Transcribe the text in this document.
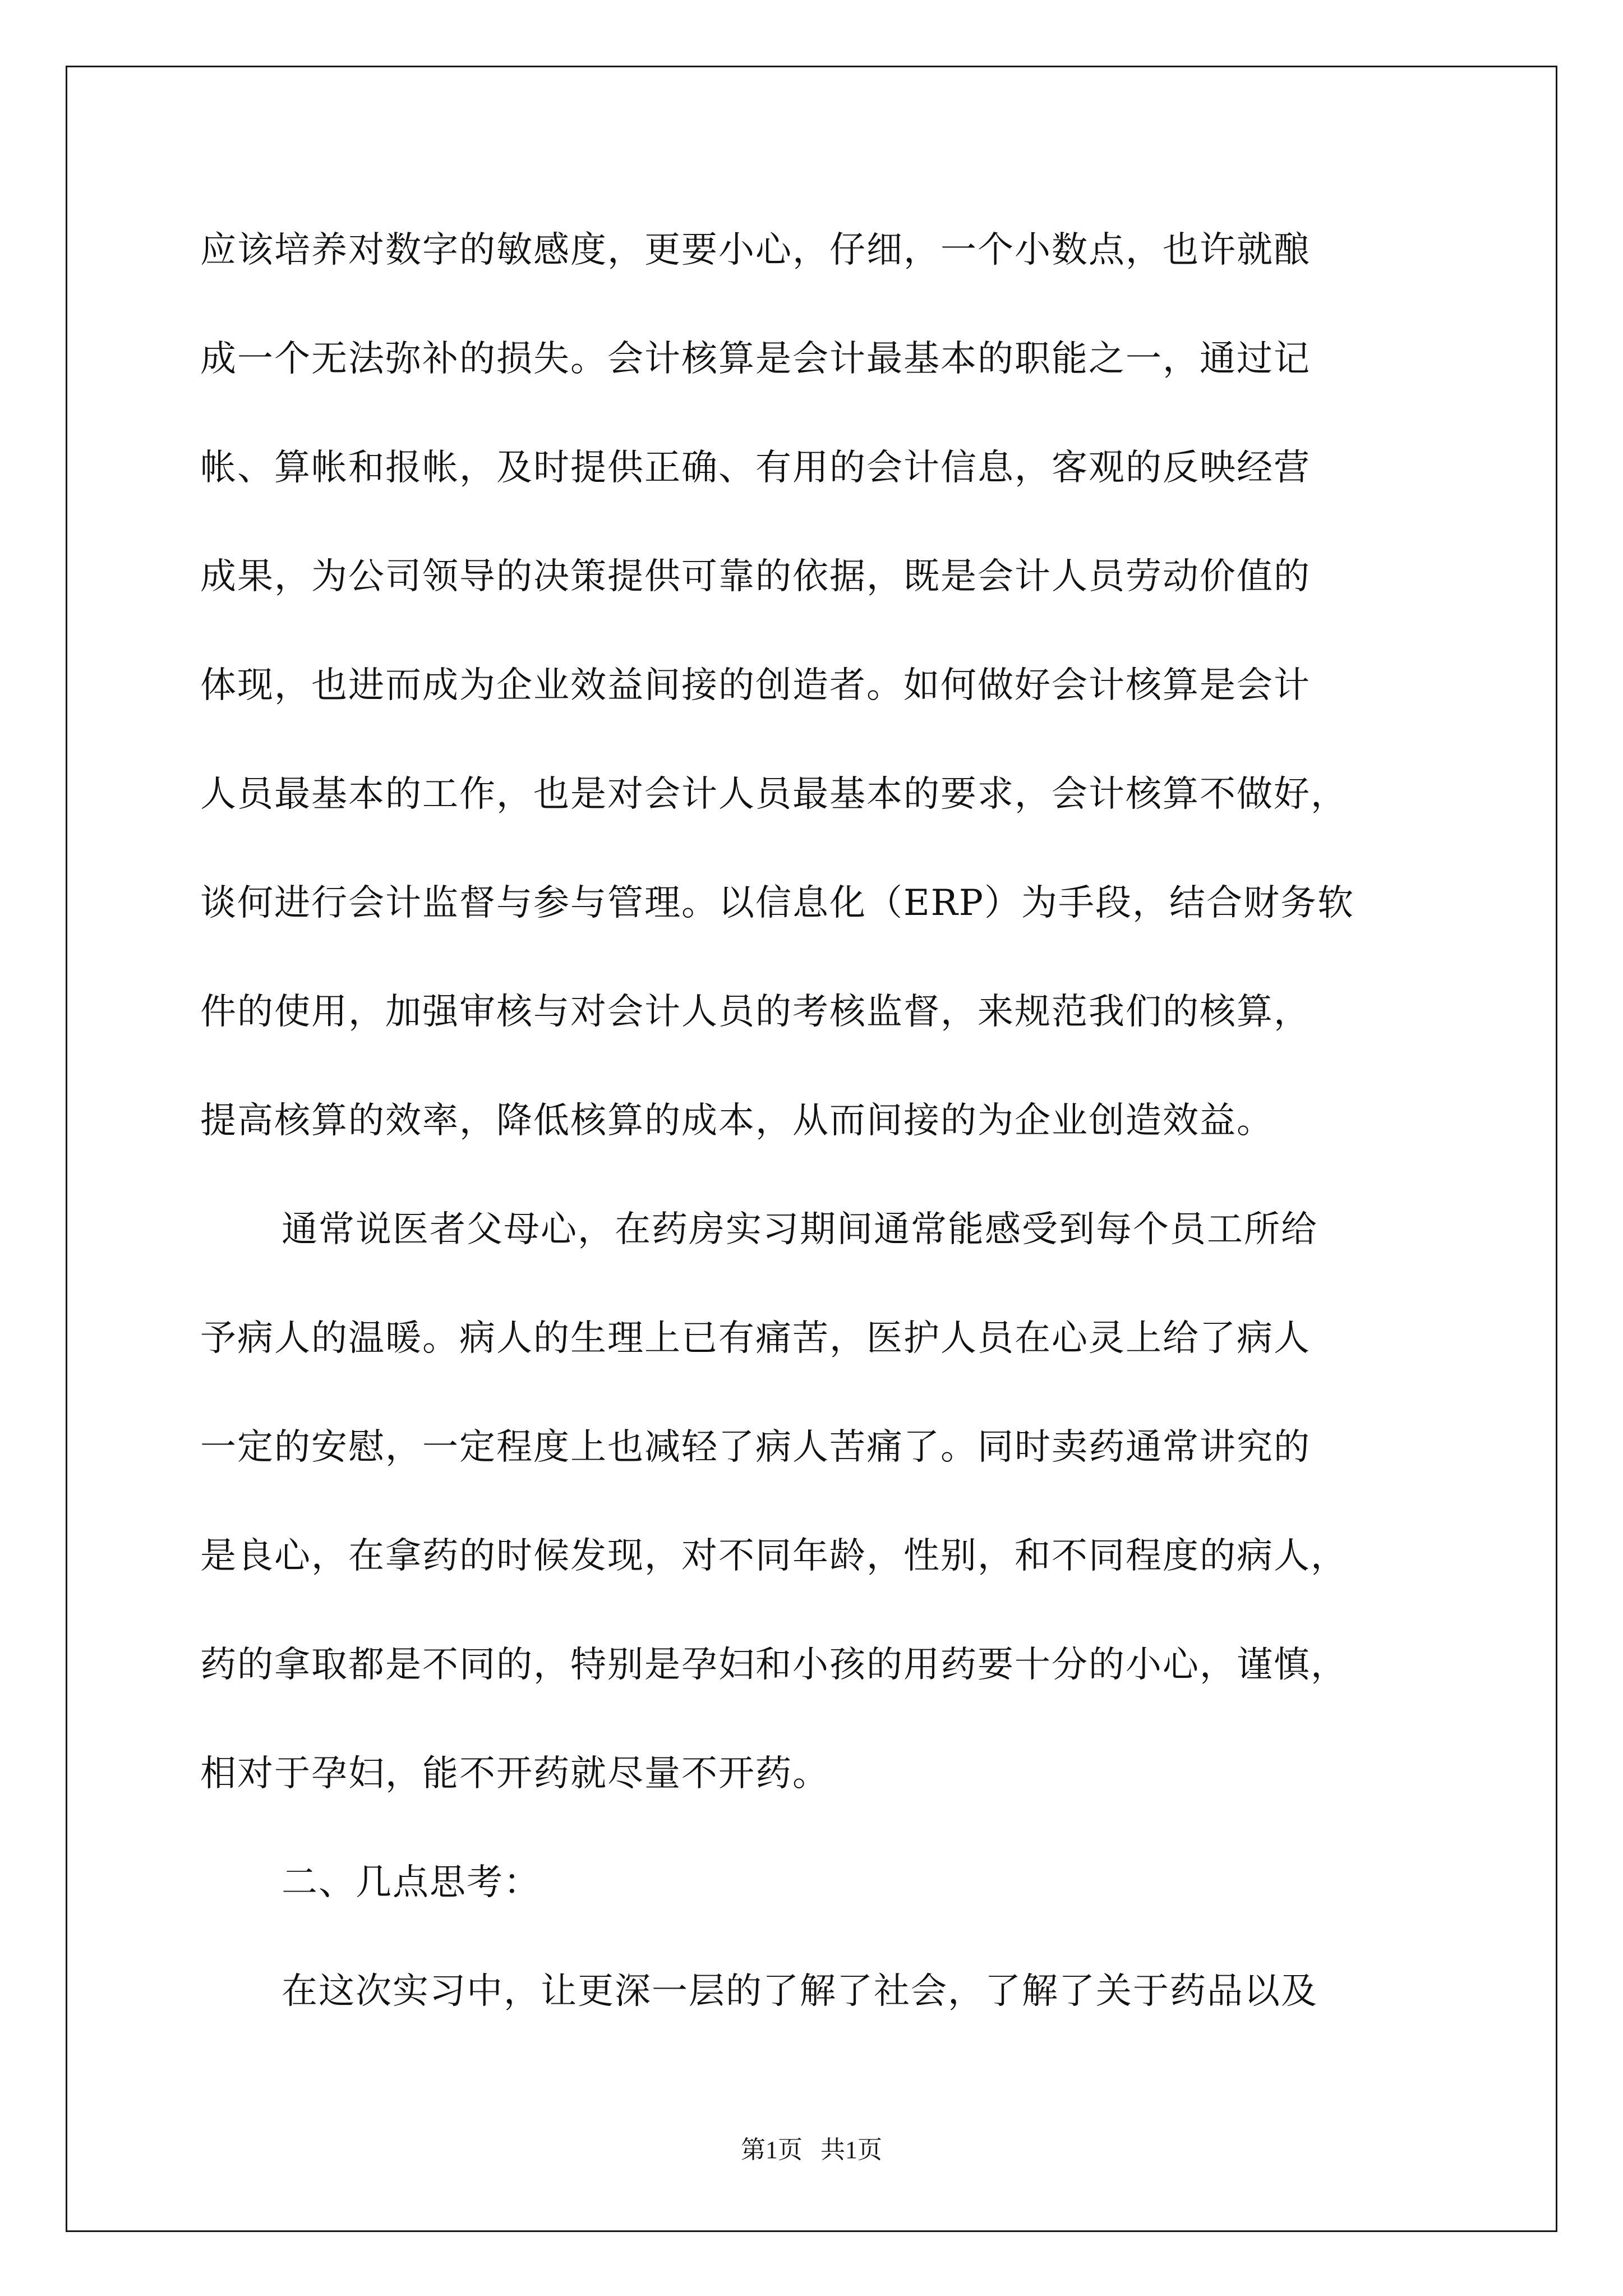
应该培养对数字的敏感度，更要小心，仔细，一个小数点，也许就酿
成一个无法弥补的损失。会计核算是会计最基本的职能之一，通过记
帐、算帐和报帐，及时提供正确、有用的会计信息，客观的反映经营
成果，为公司领导的决策提供可靠的依据，既是会计人员劳动价值的
体现，也进而成为企业效益间接的创造者。如何做好会计核算是会计
人员最基本的工作，也是对会计人员最基本的要求，会计核算不做好，
谈何进行会计监督与参与管理。以信息化（ERP）为手段，结合财务软
件的使用，加强审核与对会计人员的考核监督，来规范我们的核算，
提高核算的效率，降低核算的成本，从而间接的为企业创造效益。
通常说医者父母心，在药房实习期间通常能感受到每个员工所给
予病人的温暖。病人的生理上已有痛苦，医护人员在心灵上给了病人
一定的安慰，一定程度上也减轻了病人苦痛了。同时卖药通常讲究的
是良心，在拿药的时候发现，对不同年龄，性别，和不同程度的病人，
药的拿取都是不同的，特别是孕妇和小孩的用药要十分的小心，谨慎，
相对于孕妇，能不开药就尽量不开药。
二、几点思考：
在这次实习中，让更深一层的了解了社会，了解了关于药品以及
第1页 共1页
